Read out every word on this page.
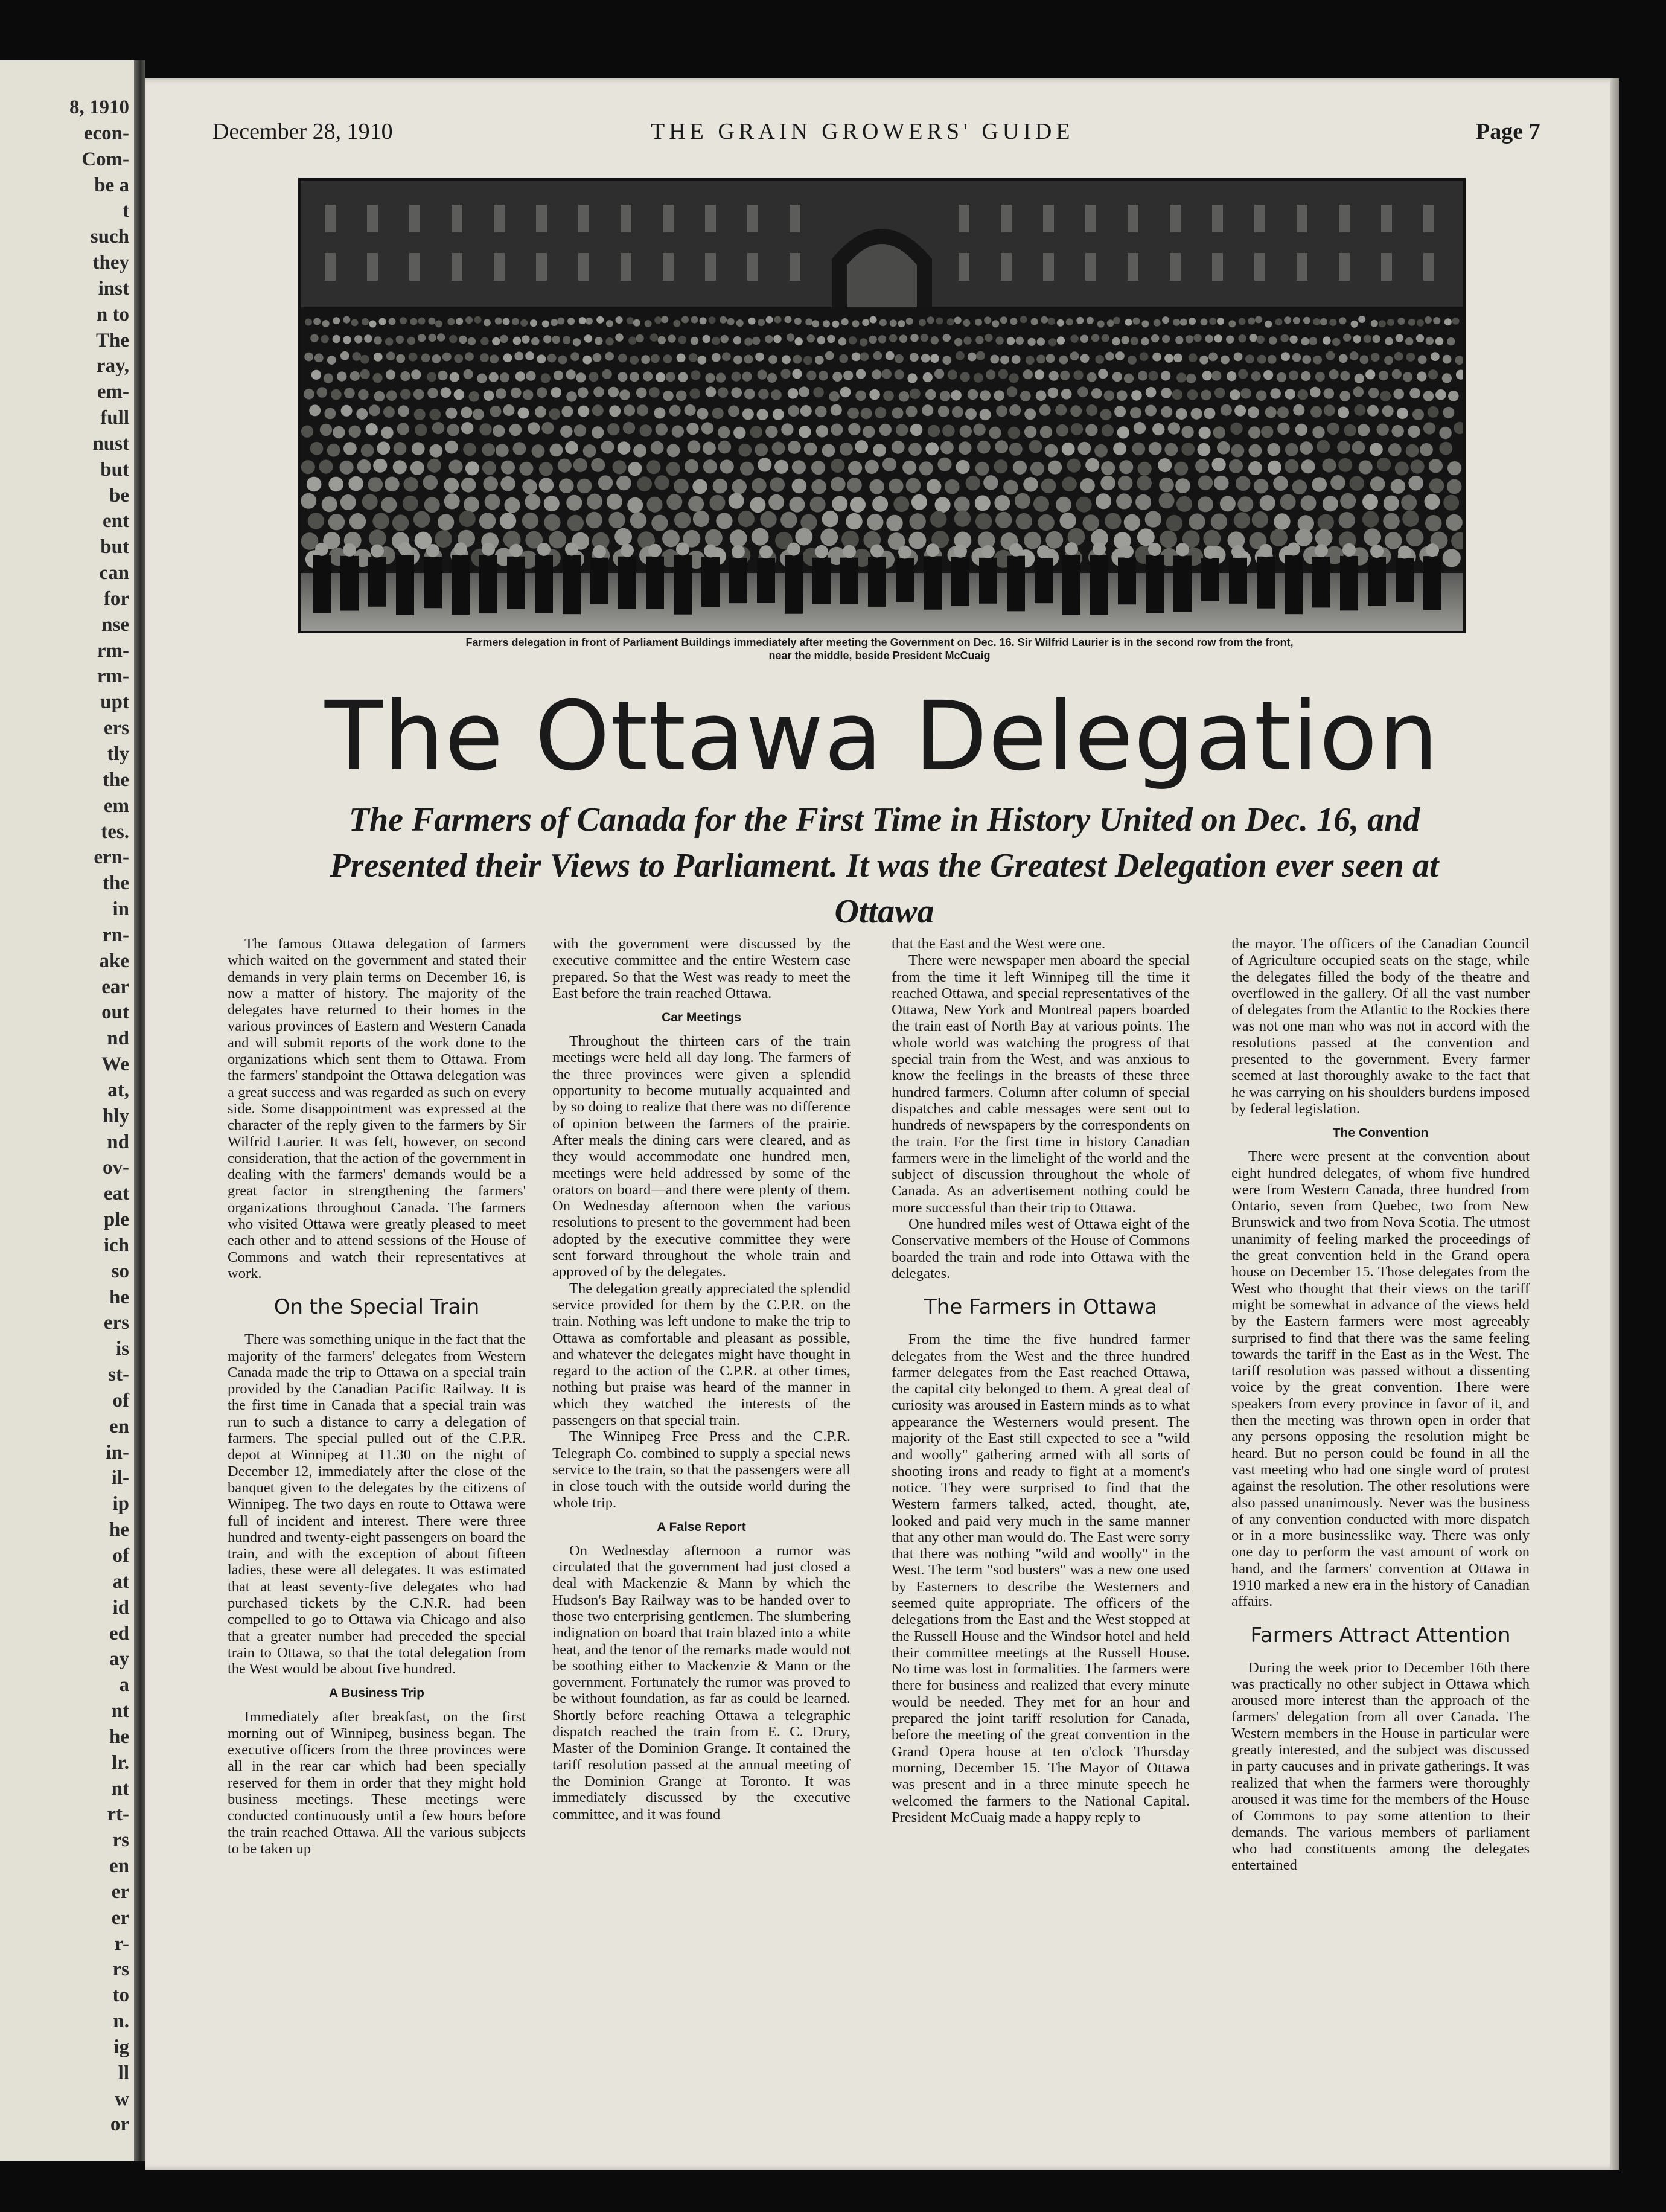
8, 1910
econ-
Com-
be a
t
such
they
inst
n to
The
ray,
em-
full
nust
but
be
ent
but
can
for
nse
rm-
rm-
upt
ers
tly
the
em
tes.
ern-
the
in
rn-
ake
ear
out
nd
We
at,
hly
nd
ov-
eat
ple
ich
so
he
ers
is
st-
of
en
in-
il-
ip
he
of
at
id
ed
ay
a
nt
he
lr.
nt
rt-
rs
en
er
er
r-
rs
to
n.
ig
ll
w
or
December 28, 1910	THE GRAIN GROWERS' GUIDE	Page 7
Farmers delegation in front of Parliament Buildings immediately after meeting the Government on Dec. 16. Sir Wilfrid Laurier is in the second row from the front,
near the middle, beside President McCuaig
The Ottawa Delegation
The Farmers of Canada for the First Time in History United on Dec. 16, and Presented their Views to Parliament. It was the Greatest Delegation ever seen at Ottawa

The famous Ottawa delegation of farmers which waited on the government and stated their demands in very plain terms on December 16, is now a matter of history. The majority of the delegates have returned to their homes in the various provinces of Eastern and Western Canada and will submit reports of the work done to the organizations which sent them to Ottawa. From the farmers' standpoint the Ottawa delegation was a great success and was regarded as such on every side. Some disappointment was expressed at the character of the reply given to the farmers by Sir Wilfrid Laurier. It was felt, however, on second consideration, that the action of the government in dealing with the farmers' demands would be a great factor in strengthening the farmers' organizations throughout Canada. The farmers who visited Ottawa were greatly pleased to meet each other and to attend sessions of the House of Commons and watch their representatives at work.

On the Special Train

There was something unique in the fact that the majority of the farmers' delegates from Western Canada made the trip to Ottawa on a special train provided by the Canadian Pacific Railway. It is the first time in Canada that a special train was run to such a distance to carry a delegation of farmers. The special pulled out of the C.P.R. depot at Winnipeg at 11.30 on the night of December 12, immediately after the close of the banquet given to the delegates by the citizens of Winnipeg. The two days en route to Ottawa were full of incident and interest. There were three hundred and twenty-eight passengers on board the train, and with the exception of about fifteen ladies, these were all delegates. It was estimated that at least seventy-five delegates who had purchased tickets by the C.N.R. had been compelled to go to Ottawa via Chicago and also that a greater number had preceded the special train to Ottawa, so that the total delegation from the West would be about five hundred.

A Business Trip

Immediately after breakfast, on the first morning out of Winnipeg, business began. The executive officers from the three provinces were all in the rear car which had been specially reserved for them in order that they might hold business meetings. These meetings were conducted continuously until a few hours before the train reached Ottawa. All the various subjects to be taken up

with the government were discussed by the executive committee and the entire Western case prepared. So that the West was ready to meet the East before the train reached Ottawa.

Car Meetings

Throughout the thirteen cars of the train meetings were held all day long. The farmers of the three provinces were given a splendid opportunity to become mutually acquainted and by so doing to realize that there was no difference of opinion between the farmers of the prairie. After meals the dining cars were cleared, and as they would accommodate one hundred men, meetings were held addressed by some of the orators on board—and there were plenty of them. On Wednesday afternoon when the various resolutions to present to the government had been adopted by the executive committee they were sent forward throughout the whole train and approved of by the delegates.

The delegation greatly appreciated the splendid service provided for them by the C.P.R. on the train. Nothing was left undone to make the trip to Ottawa as comfortable and pleasant as possible, and whatever the delegates might have thought in regard to the action of the C.P.R. at other times, nothing but praise was heard of the manner in which they watched the interests of the passengers on that special train.

The Winnipeg Free Press and the C.P.R. Telegraph Co. combined to supply a special news service to the train, so that the passengers were all in close touch with the outside world during the whole trip.

A False Report

On Wednesday afternoon a rumor was circulated that the government had just closed a deal with Mackenzie & Mann by which the Hudson's Bay Railway was to be handed over to those two enterprising gentlemen. The slumbering indignation on board that train blazed into a white heat, and the tenor of the remarks made would not be soothing either to Mackenzie & Mann or the government. Fortunately the rumor was proved to be without foundation, as far as could be learned. Shortly before reaching Ottawa a telegraphic dispatch reached the train from E. C. Drury, Master of the Dominion Grange. It contained the tariff resolution passed at the annual meeting of the Dominion Grange at Toronto. It was immediately discussed by the executive committee, and it was found

that the East and the West were one.

There were newspaper men aboard the special from the time it left Winnipeg till the time it reached Ottawa, and special representatives of the Ottawa, New York and Montreal papers boarded the train east of North Bay at various points. The whole world was watching the progress of that special train from the West, and was anxious to know the feelings in the breasts of these three hundred farmers. Column after column of special dispatches and cable messages were sent out to hundreds of newspapers by the correspondents on the train. For the first time in history Canadian farmers were in the limelight of the world and the subject of discussion throughout the whole of Canada. As an advertisement nothing could be more successful than their trip to Ottawa.

One hundred miles west of Ottawa eight of the Conservative members of the House of Commons boarded the train and rode into Ottawa with the delegates.

The Farmers in Ottawa

From the time the five hundred farmer delegates from the West and the three hundred farmer delegates from the East reached Ottawa, the capital city belonged to them. A great deal of curiosity was aroused in Eastern minds as to what appearance the Westerners would present. The majority of the East still expected to see a "wild and woolly" gathering armed with all sorts of shooting irons and ready to fight at a moment's notice. They were surprised to find that the Western farmers talked, acted, thought, ate, looked and paid very much in the same manner that any other man would do. The East were sorry that there was nothing "wild and woolly" in the West. The term "sod busters" was a new one used by Easterners to describe the Westerners and seemed quite appropriate. The officers of the delegations from the East and the West stopped at the Russell House and the Windsor hotel and held their committee meetings at the Russell House. No time was lost in formalities. The farmers were there for business and realized that every minute would be needed. They met for an hour and prepared the joint tariff resolution for Canada, before the meeting of the great convention in the Grand Opera house at ten o'clock Thursday morning, December 15. The Mayor of Ottawa was present and in a three minute speech he welcomed the farmers to the National Capital. President McCuaig made a happy reply to

the mayor. The officers of the Canadian Council of Agriculture occupied seats on the stage, while the delegates filled the body of the theatre and overflowed in the gallery. Of all the vast number of delegates from the Atlantic to the Rockies there was not one man who was not in accord with the resolutions passed at the convention and presented to the government. Every farmer seemed at last thoroughly awake to the fact that he was carrying on his shoulders burdens imposed by federal legislation.

The Convention

There were present at the convention about eight hundred delegates, of whom five hundred were from Western Canada, three hundred from Ontario, seven from Quebec, two from New Brunswick and two from Nova Scotia. The utmost unanimity of feeling marked the proceedings of the great convention held in the Grand opera house on December 15. Those delegates from the West who thought that their views on the tariff might be somewhat in advance of the views held by the Eastern farmers were most agreeably surprised to find that there was the same feeling towards the tariff in the East as in the West. The tariff resolution was passed without a dissenting voice by the great convention. There were speakers from every province in favor of it, and then the meeting was thrown open in order that any persons opposing the resolution might be heard. But no person could be found in all the vast meeting who had one single word of protest against the resolution. The other resolutions were also passed unanimously. Never was the business of any convention conducted with more dispatch or in a more businesslike way. There was only one day to perform the vast amount of work on hand, and the farmers' convention at Ottawa in 1910 marked a new era in the history of Canadian affairs.

Farmers Attract Attention

During the week prior to December 16th there was practically no other subject in Ottawa which aroused more interest than the approach of the farmers' delegation from all over Canada. The Western members in the House in particular were greatly interested, and the subject was discussed in party caucuses and in private gatherings. It was realized that when the farmers were thoroughly aroused it was time for the members of the House of Commons to pay some attention to their demands. The various members of parliament who had constituents among the delegates entertained
